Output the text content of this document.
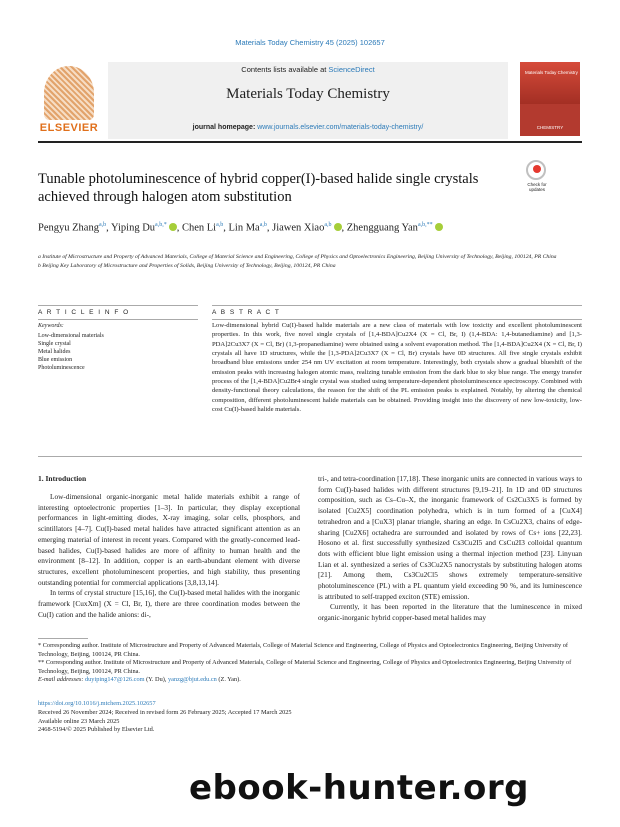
Materials Today Chemistry 45 (2025) 102657
ELSEVIER
Contents lists available at ScienceDirect
Materials Today Chemistry
journal homepage: www.journals.elsevier.com/materials-today-chemistry/
Materials Today Chemistry
CHEMISTRY
Tunable photoluminescence of hybrid copper(I)-based halide single crystals achieved through halogen atom substitution
Check for updates
Pengyu Zhang$^{a,b}$, Yiping $Du^{a,b,*}$ , Chen Li$^{a,b}$, Lin Ma$^{a,b}$, Jiawen Xiao$^{a,b}$ , Zhengguang Yan$^{a,b,**}$
a Institute of Microstructure and Property of Advanced Materials, College of Material Science and Engineering, College of Physics and Optoelectronics Engineering, Beijing University of Technology, Beijing, 100124, PR China
b Beijing Key Laboratory of Microstructure and Properties of Solids, Beijing University of Technology, Beijing, 100124, PR China
A R T I C L E I N F O
Keywords:
Low-dimensional materials
Single crystal
Metal halides
Blue emission
Photoluminescence
A B S T R A C T
Low-dimensional hybrid Cu(I)-based halide materials are a new class of materials with low toxicity and excellent photoluminescent properties. In this work, five novel single crystals of [1,4-BDA]Cu2X4 (X = Cl, Br, I) (1,4-BDA: 1,4-butanediamine) and [1,3-PDA]2Cu3X7 (X = Cl, Br) (1,3-propanediamine) were obtained using a solvent evaporation method. The [1,4-BDA]Cu2X4 (X = Cl, Br, I) crystals all have 1D structures, while the [1,3-PDA]2Cu3X7 (X = Cl, Br) crystals have 0D structures. All five single crystals exhibit broadband blue emissions under 254 nm UV excitation at room temperature. Interestingly, both crystals show a gradual blueshift of the emission peaks with increasing halogen atomic mass, realizing tunable emission from the dark blue to sky blue range. The energy transfer process of the [1,4-BDA]Cu2Br4 single crystal was studied using temperature-dependent photoluminescence spectroscopy. Combined with density-functional theory calculations, the reason for the shift of the PL emission peaks is explained. Notably, by altering the chemical composition, different photoluminescent halide materials can be obtained. Providing insight into the discovery of new low-toxicity, low-cost Cu(I)-based halide materials.
1. Introduction

Low-dimensional organic-inorganic metal halide materials exhibit a range of interesting optoelectronic properties [1–3]. In particular, they display exceptional performances in light-emitting diodes, X-ray imaging, solar cells, phosphors, and scintillators [4–7]. Cu(I)-based metal halides have attracted significant attention as an emerging material of interest in recent years. Compared with the greatly-concerned lead-based halides, Cu(I)-based halides are more of affinity to human health and the environment [8–12]. In addition, copper is an earth-abundant element with diverse structures, excellent photoluminescent properties, and high stability, thus presenting outstanding potential for commercial applications [3,8,13,14].

In terms of crystal structure [15,16], the Cu(I)-based metal halides with the inorganic framework [CuxXm] (X = Cl, Br, I), there are three coordination modes between the Cu(I) cation and the halide anions: di-,

tri-, and tetra-coordination [17,18]. These inorganic units are connected in various ways to form Cu(I)-based halides with different structures [9,19–21]. In 1D and 0D structures composition, such as Cs–Cu–X, the inorganic framework of Cs2Cu3X5 is formed by isolated [Cu2X5] coordination polyhedra, which is in turn formed of a [CuX4] tetrahedron and a [CuX3] planar triangle, sharing an edge. In CsCu2X3, chains of edge-sharing [Cu2X6] octahedra are surrounded and isolated by rows of Cs+ ions [22,23]. Hosono et al. first successfully synthesized Cs3Cu2I5 and CsCu2I3 colloidal quantum dots with efficient blue light emission using a thermal injection method [23]. Linyuan Lian et al. synthesized a series of Cs3Cu2X5 nanocrystals by substituting halogen atoms [21]. Among them, Cs3Cu2Cl5 shows extremely temperature-sensitive photoluminescence (PL) with a PL quantum yield exceeding 90 %, and its luminescence is attributed to self-trapped exciton (STE) emission.

Currently, it has been reported in the literature that the luminescence in mixed organic-inorganic hybrid copper-based metal halides may

* Corresponding author. Institute of Microstructure and Property of Advanced Materials, College of Material Science and Engineering, College of Physics and Optoelectronics Engineering, Beijing University of Technology, Beijing, 100124, PR China.

** Corresponding author. Institute of Microstructure and Property of Advanced Materials, College of Material Science and Engineering, College of Physics and Optoelectronics Engineering, Beijing University of Technology, Beijing, 100124, PR China.

E-mail addresses: duyiping147@126.com (Y. Du), yanzg@bjut.edu.cn (Z. Yan).

https://doi.org/10.1016/j.mtchem.2025.102657
Received 26 November 2024; Received in revised form 26 February 2025; Accepted 17 March 2025
Available online 23 March 2025
2468-5194/© 2025 Published by Elsevier Ltd.
ebook-hunter.org
